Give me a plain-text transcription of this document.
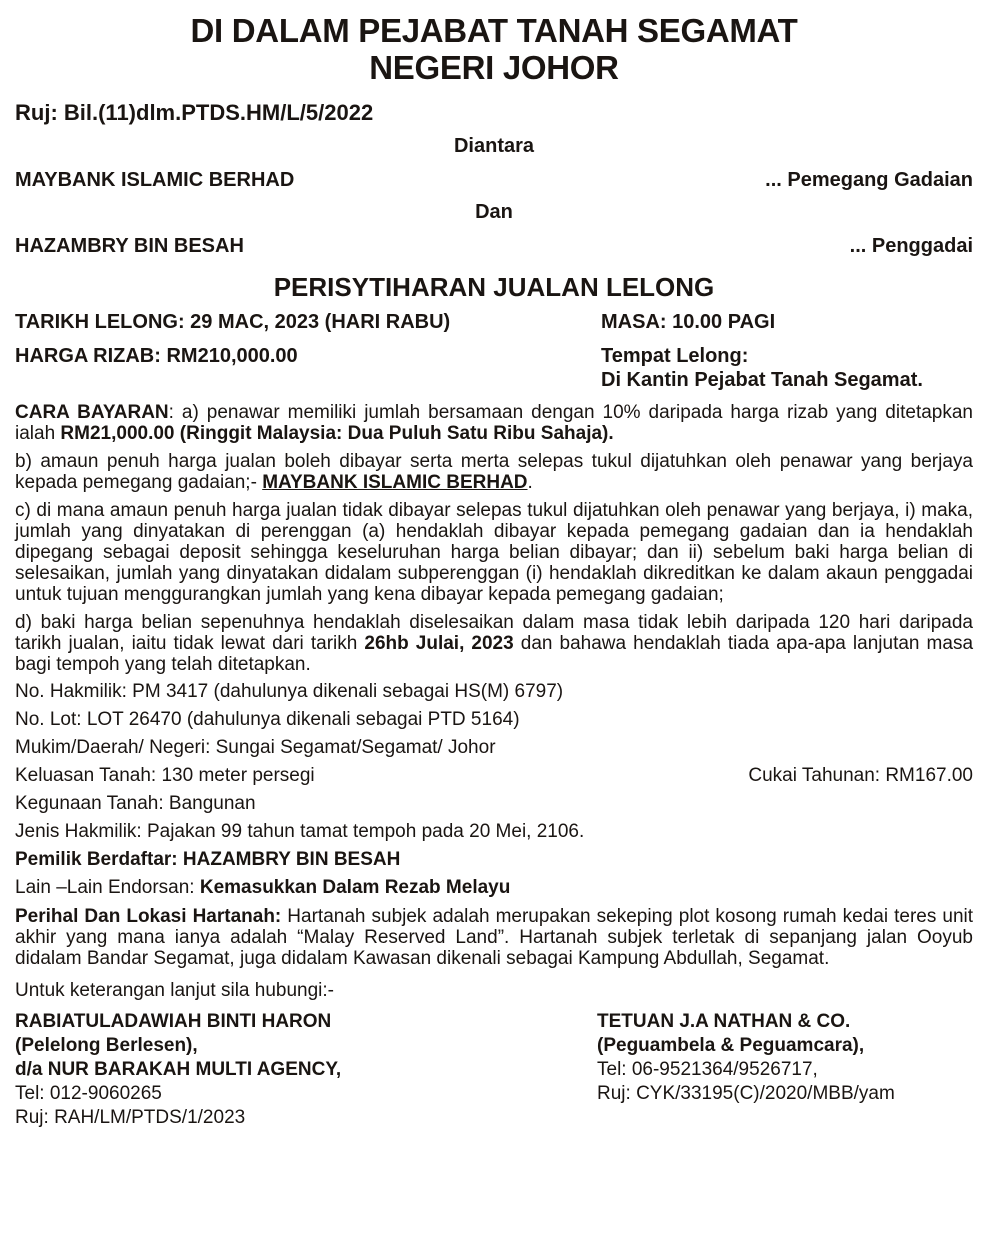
DI DALAM PEJABAT TANAH SEGAMAT
NEGERI JOHOR
Ruj: Bil.(11)dlm.PTDS.HM/L/5/2022
Diantara
MAYBANK ISLAMIC BERHAD	... Pemegang Gadaian
Dan
HAZAMBRY BIN BESAH	... Penggadai
PERISYTIHARAN JUALAN LELONG
TARIKH LELONG: 29 MAC, 2023 (HARI RABU)	MASA: 10.00 PAGI
HARGA RIZAB: RM210,000.00	Tempat Lelong:
Di Kantin Pejabat Tanah Segamat.
CARA BAYARAN: a) penawar memiliki jumlah bersamaan dengan 10% daripada harga rizab yang ditetapkan ialah RM21,000.00 (Ringgit Malaysia: Dua Puluh Satu Ribu Sahaja).
b) amaun penuh harga jualan boleh dibayar serta merta selepas tukul dijatuhkan oleh penawar yang berjaya kepada pemegang gadaian;- MAYBANK ISLAMIC BERHAD.
c) di mana amaun penuh harga jualan tidak dibayar selepas tukul dijatuhkan oleh penawar yang berjaya, i) maka, jumlah yang dinyatakan di perenggan (a) hendaklah dibayar kepada pemegang gadaian dan ia hendaklah dipegang sebagai deposit sehingga keseluruhan harga belian dibayar; dan ii) sebelum baki harga belian di selesaikan, jumlah yang dinyatakan didalam subperenggan (i) hendaklah dikreditkan ke dalam akaun penggadai untuk tujuan menggurangkan jumlah yang kena dibayar kepada pemegang gadaian;
d) baki harga belian sepenuhnya hendaklah diselesaikan dalam masa tidak lebih daripada 120 hari daripada tarikh jualan, iaitu tidak lewat dari tarikh 26hb Julai, 2023 dan bahawa hendaklah tiada apa-apa lanjutan masa bagi tempoh yang telah ditetapkan.
No. Hakmilik: PM 3417 (dahulunya dikenali sebagai HS(M) 6797)
No. Lot: LOT 26470 (dahulunya dikenali sebagai PTD 5164)
Mukim/Daerah/ Negeri: Sungai Segamat/Segamat/ Johor
Keluasan Tanah: 130 meter persegi	Cukai Tahunan: RM167.00
Kegunaan Tanah: Bangunan
Jenis Hakmilik: Pajakan 99 tahun tamat tempoh pada 20 Mei, 2106.
Pemilik Berdaftar: HAZAMBRY BIN BESAH
Lain –Lain Endorsan: Kemasukkan Dalam Rezab Melayu
Perihal Dan Lokasi Hartanah: Hartanah subjek adalah merupakan sekeping plot kosong rumah kedai teres unit akhir yang mana ianya adalah “Malay Reserved Land”. Hartanah subjek terletak di sepanjang jalan Ooyub didalam Bandar Segamat, juga didalam Kawasan dikenali sebagai Kampung Abdullah, Segamat.
Untuk keterangan lanjut sila hubungi:-
RABIATULADAWIAH BINTI HARON
(Pelelong Berlesen),
d/a NUR BARAKAH MULTI AGENCY,
Tel: 012-9060265
Ruj: RAH/LM/PTDS/1/2023
TETUAN J.A NATHAN & CO.
(Peguambela & Peguamcara),
Tel: 06-9521364/9526717,
Ruj: CYK/33195(C)/2020/MBB/yam
